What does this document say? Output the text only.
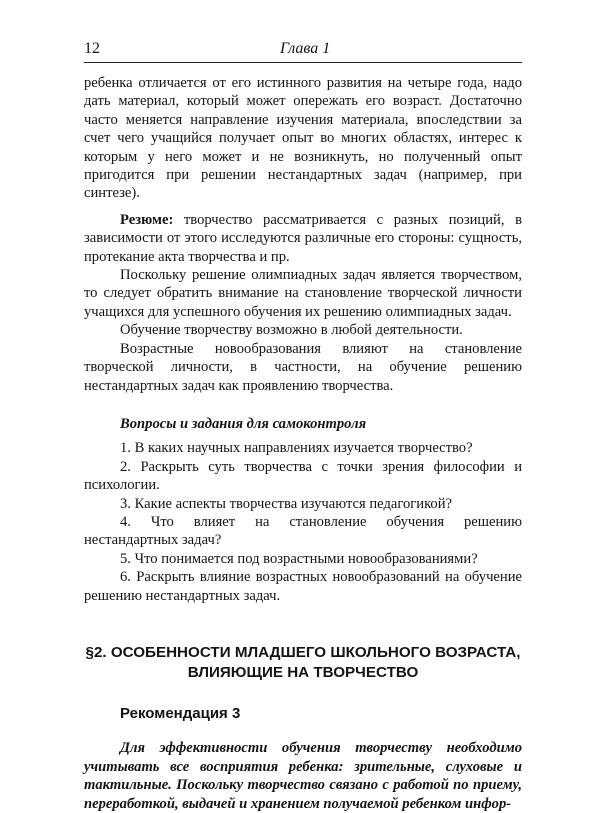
12	Глава 1

ребенка отличается от его истинного развития на четыре года, надо дать материал, который может опережать его возраст. Достаточно часто меняется направление изучения материала, впоследствии за счет чего учащийся получает опыт во многих областях, интерес к которым у него может и не возникнуть, но полученный опыт пригодится при решении нестандартных задач (например, при синтезе).

Резюме: творчество рассматривается с разных позиций, в зависимости от этого исследуются различные его стороны: сущность, протекание акта творчества и пр.

Поскольку решение олимпиадных задач является творчеством, то следует обратить внимание на становление творческой личности учащихся для успешного обучения их решению олимпиадных задач.

Обучение творчеству возможно в любой деятельности.

Возрастные новообразования влияют на становление творческой личности, в частности, на обучение решению нестандартных задач как проявлению творчества.

Вопросы и задания для самоконтроля

1. В каких научных направлениях изучается творчество?

2. Раскрыть суть творчества с точки зрения философии и психологии.

3. Какие аспекты творчества изучаются педагогикой?

4. Что влияет на становление обучения решению нестандартных задач?

5. Что понимается под возрастными новообразованиями?

6. Раскрыть влияние возрастных новообразований на обучение решению нестандартных задач.

§2. ОСОБЕННОСТИ МЛАДШЕГО ШКОЛЬНОГО ВОЗРАСТА,
ВЛИЯЮЩИЕ НА ТВОРЧЕСТВО

Рекомендация 3

Для эффективности обучения творчеству необходимо учитывать все восприятия ребенка: зрительные, слуховые и тактильные. Поскольку творчество связано с работой по приему, переработкой, выдачей и хранением получаемой ребенком инфор-
